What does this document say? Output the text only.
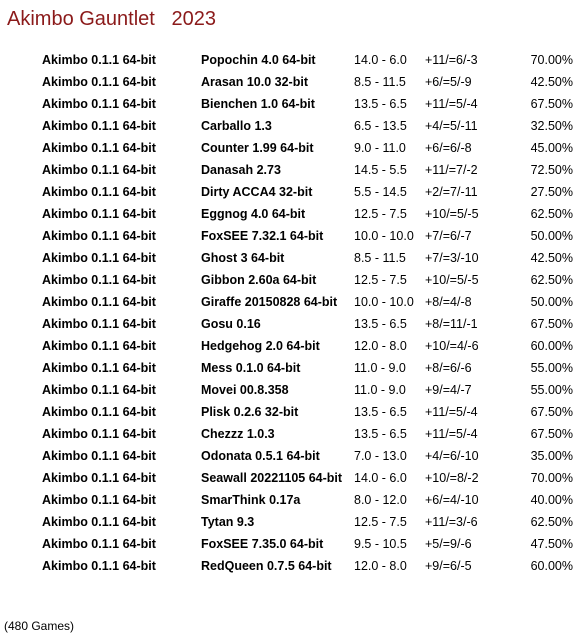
Akimbo Gauntlet   2023
Akimbo 0.1.1 64-bit	Popochin 4.0 64-bit	14.0 - 6.0	+11/=6/-3	70.00%
Akimbo 0.1.1 64-bit	Arasan 10.0 32-bit	8.5 - 11.5	+6/=5/-9	42.50%
Akimbo 0.1.1 64-bit	Bienchen 1.0 64-bit	13.5 - 6.5	+11/=5/-4	67.50%
Akimbo 0.1.1 64-bit	Carballo 1.3	6.5 - 13.5	+4/=5/-11	32.50%
Akimbo 0.1.1 64-bit	Counter 1.99 64-bit	9.0 - 11.0	+6/=6/-8	45.00%
Akimbo 0.1.1 64-bit	Danasah 2.73	14.5 - 5.5	+11/=7/-2	72.50%
Akimbo 0.1.1 64-bit	Dirty ACCA4 32-bit	5.5 - 14.5	+2/=7/-11	27.50%
Akimbo 0.1.1 64-bit	Eggnog 4.0 64-bit	12.5 - 7.5	+10/=5/-5	62.50%
Akimbo 0.1.1 64-bit	FoxSEE 7.32.1 64-bit	10.0 - 10.0 +7/=6/-7	50.00%
Akimbo 0.1.1 64-bit	Ghost 3 64-bit	8.5 - 11.5	+7/=3/-10	42.50%
Akimbo 0.1.1 64-bit	Gibbon 2.60a 64-bit	12.5 - 7.5	+10/=5/-5	62.50%
Akimbo 0.1.1 64-bit	Giraffe 20150828 64-bit	10.0 - 10.0 +8/=4/-8	50.00%
Akimbo 0.1.1 64-bit	Gosu 0.16	13.5 - 6.5	+8/=11/-1	67.50%
Akimbo 0.1.1 64-bit	Hedgehog 2.0 64-bit	12.0 - 8.0	+10/=4/-6	60.00%
Akimbo 0.1.1 64-bit	Mess 0.1.0 64-bit	11.0 - 9.0	+8/=6/-6	55.00%
Akimbo 0.1.1 64-bit	Movei 00.8.358	11.0 - 9.0	+9/=4/-7	55.00%
Akimbo 0.1.1 64-bit	Plisk 0.2.6 32-bit	13.5 - 6.5	+11/=5/-4	67.50%
Akimbo 0.1.1 64-bit	Chezzz 1.0.3	13.5 - 6.5	+11/=5/-4	67.50%
Akimbo 0.1.1 64-bit	Odonata 0.5.1 64-bit	7.0 - 13.0	+4/=6/-10	35.00%
Akimbo 0.1.1 64-bit	Seawall 20221105 64-bit 14.0 - 6.0	+10/=8/-2	70.00%
Akimbo 0.1.1 64-bit	SmarThink 0.17a	8.0 - 12.0	+6/=4/-10	40.00%
Akimbo 0.1.1 64-bit	Tytan 9.3	12.5 - 7.5	+11/=3/-6	62.50%
Akimbo 0.1.1 64-bit	FoxSEE 7.35.0 64-bit	9.5 - 10.5	+5/=9/-6	47.50%
Akimbo 0.1.1 64-bit	RedQueen 0.7.5 64-bit	12.0 - 8.0	+9/=6/-5	60.00%
(480 Games)
